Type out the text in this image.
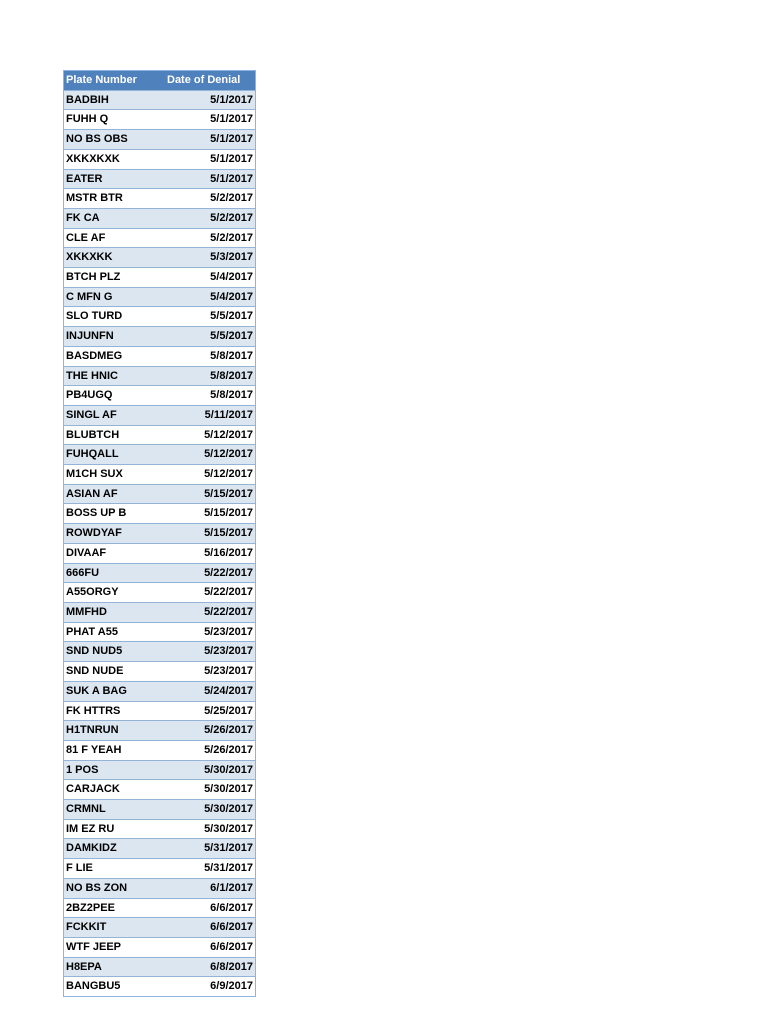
Plate Number	Date of Denial
BADBIH	5/1/2017
FUHH Q	5/1/2017
NO BS OBS	5/1/2017
XKKXKXK	5/1/2017
EATER	5/1/2017
MSTR BTR	5/2/2017
FK CA	5/2/2017
CLE AF	5/2/2017
XKKXKK	5/3/2017
BTCH PLZ	5/4/2017
C MFN G	5/4/2017
SLO TURD	5/5/2017
INJUNFN	5/5/2017
BASDMEG	5/8/2017
THE HNIC	5/8/2017
PB4UGQ	5/8/2017
SINGL AF	5/11/2017
BLUBTCH	5/12/2017
FUHQALL	5/12/2017
M1CH SUX	5/12/2017
ASIAN AF	5/15/2017
BOSS UP B	5/15/2017
ROWDYAF	5/15/2017
DIVAAF	5/16/2017
666FU	5/22/2017
A55ORGY	5/22/2017
MMFHD	5/22/2017
PHAT A55	5/23/2017
SND NUD5	5/23/2017
SND NUDE	5/23/2017
SUK A BAG	5/24/2017
FK HTTRS	5/25/2017
H1TNRUN	5/26/2017
81 F YEAH	5/26/2017
1 POS	5/30/2017
CARJACK	5/30/2017
CRMNL	5/30/2017
IM EZ RU	5/30/2017
DAMKIDZ	5/31/2017
F LIE	5/31/2017
NO BS ZON	6/1/2017
2BZ2PEE	6/6/2017
FCKKIT	6/6/2017
WTF JEEP	6/6/2017
H8EPA	6/8/2017
BANGBU5	6/9/2017
